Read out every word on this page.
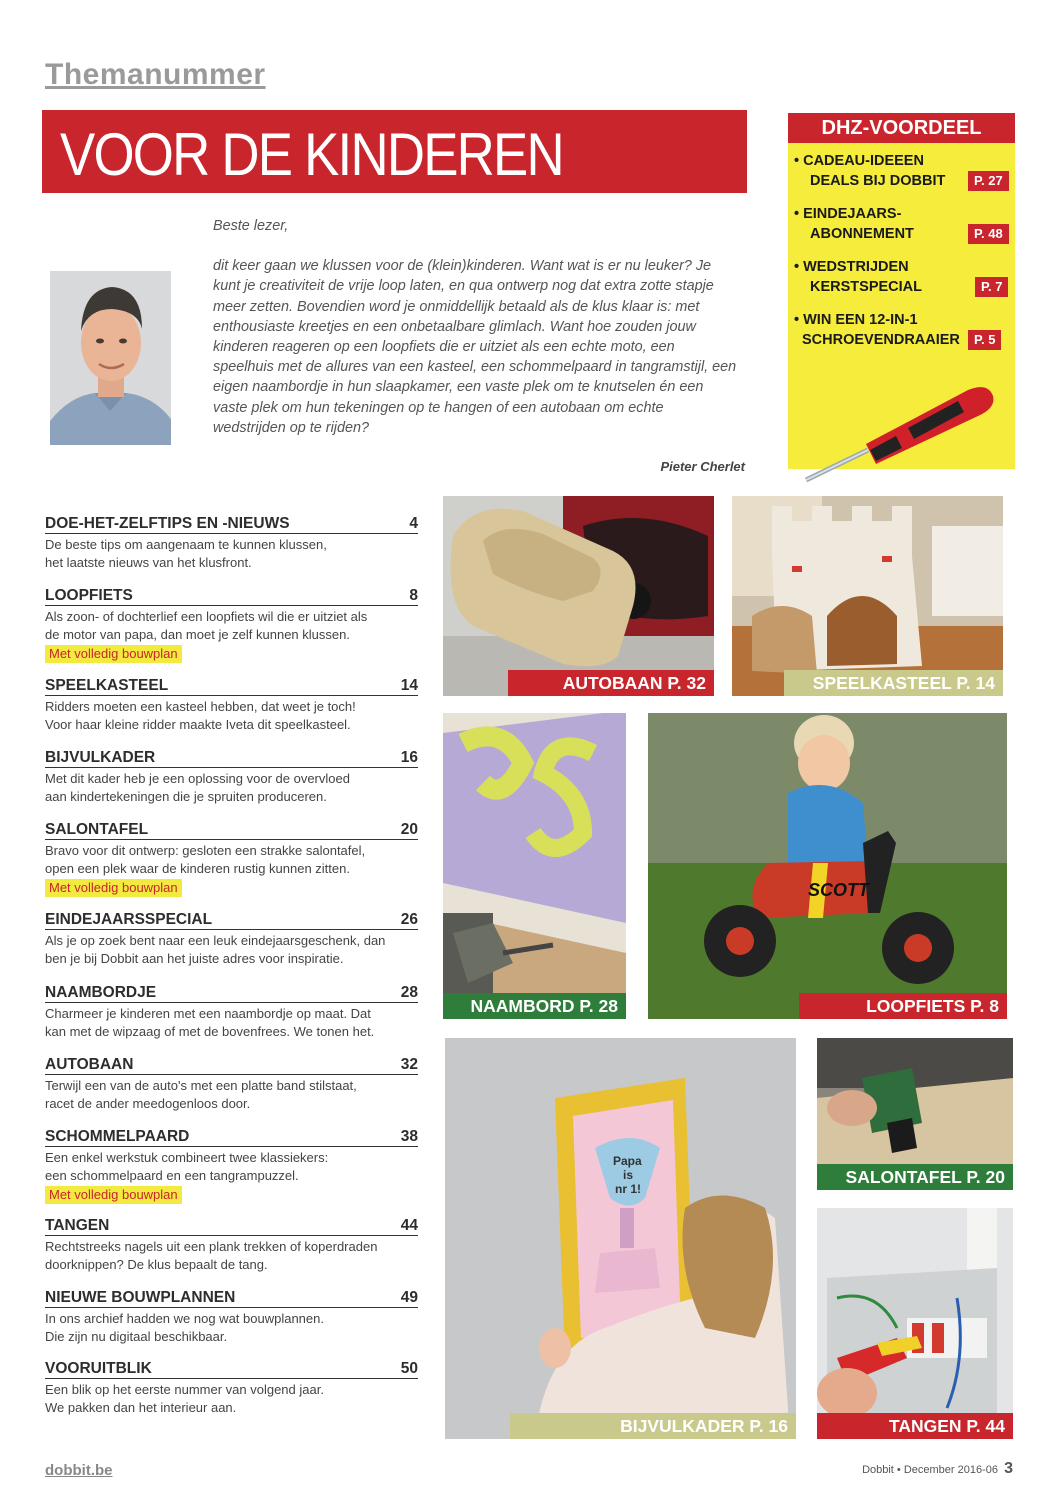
Themanummer
VOOR DE KINDEREN

Beste lezer,

dit keer gaan we klussen voor de (klein)kinderen. Want wat is er nu leuker? Je kunt je creativiteit de vrije loop laten, en qua ontwerp nog dat extra zotte stapje meer zetten. Bovendien word je onmiddellijk betaald als de klus klaar is: met enthousiaste kreetjes en een onbetaalbare glimlach. Want hoe zouden jouw kinderen reageren op een loopfiets die er uitziet als een echte moto, een speelhuis met de allures van een kasteel, een schommelpaard in tangramstijl, een eigen naambordje in hun slaapkamer, een vaste plek om te knutselen én een vaste plek om hun tekeningen op te hangen of een autobaan om echte wedstrijden op te rijden?

Pieter Cherlet
DHZ-VOORDEEL
• CADEAU-IDEEEN
DEALS BIJ DOBBIT	P. 27
• EINDEJAARS-
ABONNEMENT	P. 48
• WEDSTRIJDEN
KERSTSPECIAL	P. 7
• WIN EEN 12-IN-1
SCHROEVENDRAAIER	P. 5
DOE-HET-ZELFTIPS EN -NIEUWS	4
De beste tips om aangenaam te kunnen klussen,
het laatste nieuws van het klusfront.
LOOPFIETS	8
Als zoon- of dochterlief een loopfiets wil die er uitziet als
de motor van papa, dan moet je zelf kunnen klussen.
Met volledig bouwplan
SPEELKASTEEL	14
Ridders moeten een kasteel hebben, dat weet je toch!
Voor haar kleine ridder maakte Iveta dit speelkasteel.
BIJVULKADER	16
Met dit kader heb je een oplossing voor de overvloed
aan kindertekeningen die je spruiten produceren.
SALONTAFEL	20
Bravo voor dit ontwerp: gesloten een strakke salontafel,
open een plek waar de kinderen rustig kunnen zitten.
Met volledig bouwplan
EINDEJAARSSPECIAL	26
Als je op zoek bent naar een leuk eindejaarsgeschenk, dan
ben je bij Dobbit aan het juiste adres voor inspiratie.
NAAMBORDJE	28
Charmeer je kinderen met een naambordje op maat. Dat
kan met de wipzaag of met de bovenfrees. We tonen het.
AUTOBAAN	32
Terwijl een van de auto's met een platte band stilstaat,
racet de ander meedogenloos door.
SCHOMMELPAARD	38
Een enkel werkstuk combineert twee klassiekers:
een schommelpaard en een tangrampuzzel.
Met volledig bouwplan
TANGEN	44
Rechtstreeks nagels uit een plank trekken of koperdraden
doorknippen? De klus bepaalt de tang.
NIEUWE BOUWPLANNEN	49
In ons archief hadden we nog wat bouwplannen.
Die zijn nu digitaal beschikbaar.
VOORUITBLIK	50
Een blik op het eerste nummer van volgend jaar.
We pakken dan het interieur aan.
AUTOBAAN P. 32	SPEELKASTEEL P. 14
NAAMBORD P. 28
SCOTT
LOOPFIETS P. 8
Papa
is
nr 1!
BIJVULKADER P. 16
SALONTAFEL P. 20
TANGEN P. 44
dobbit.be	Dobbit • December 2016-06 3
